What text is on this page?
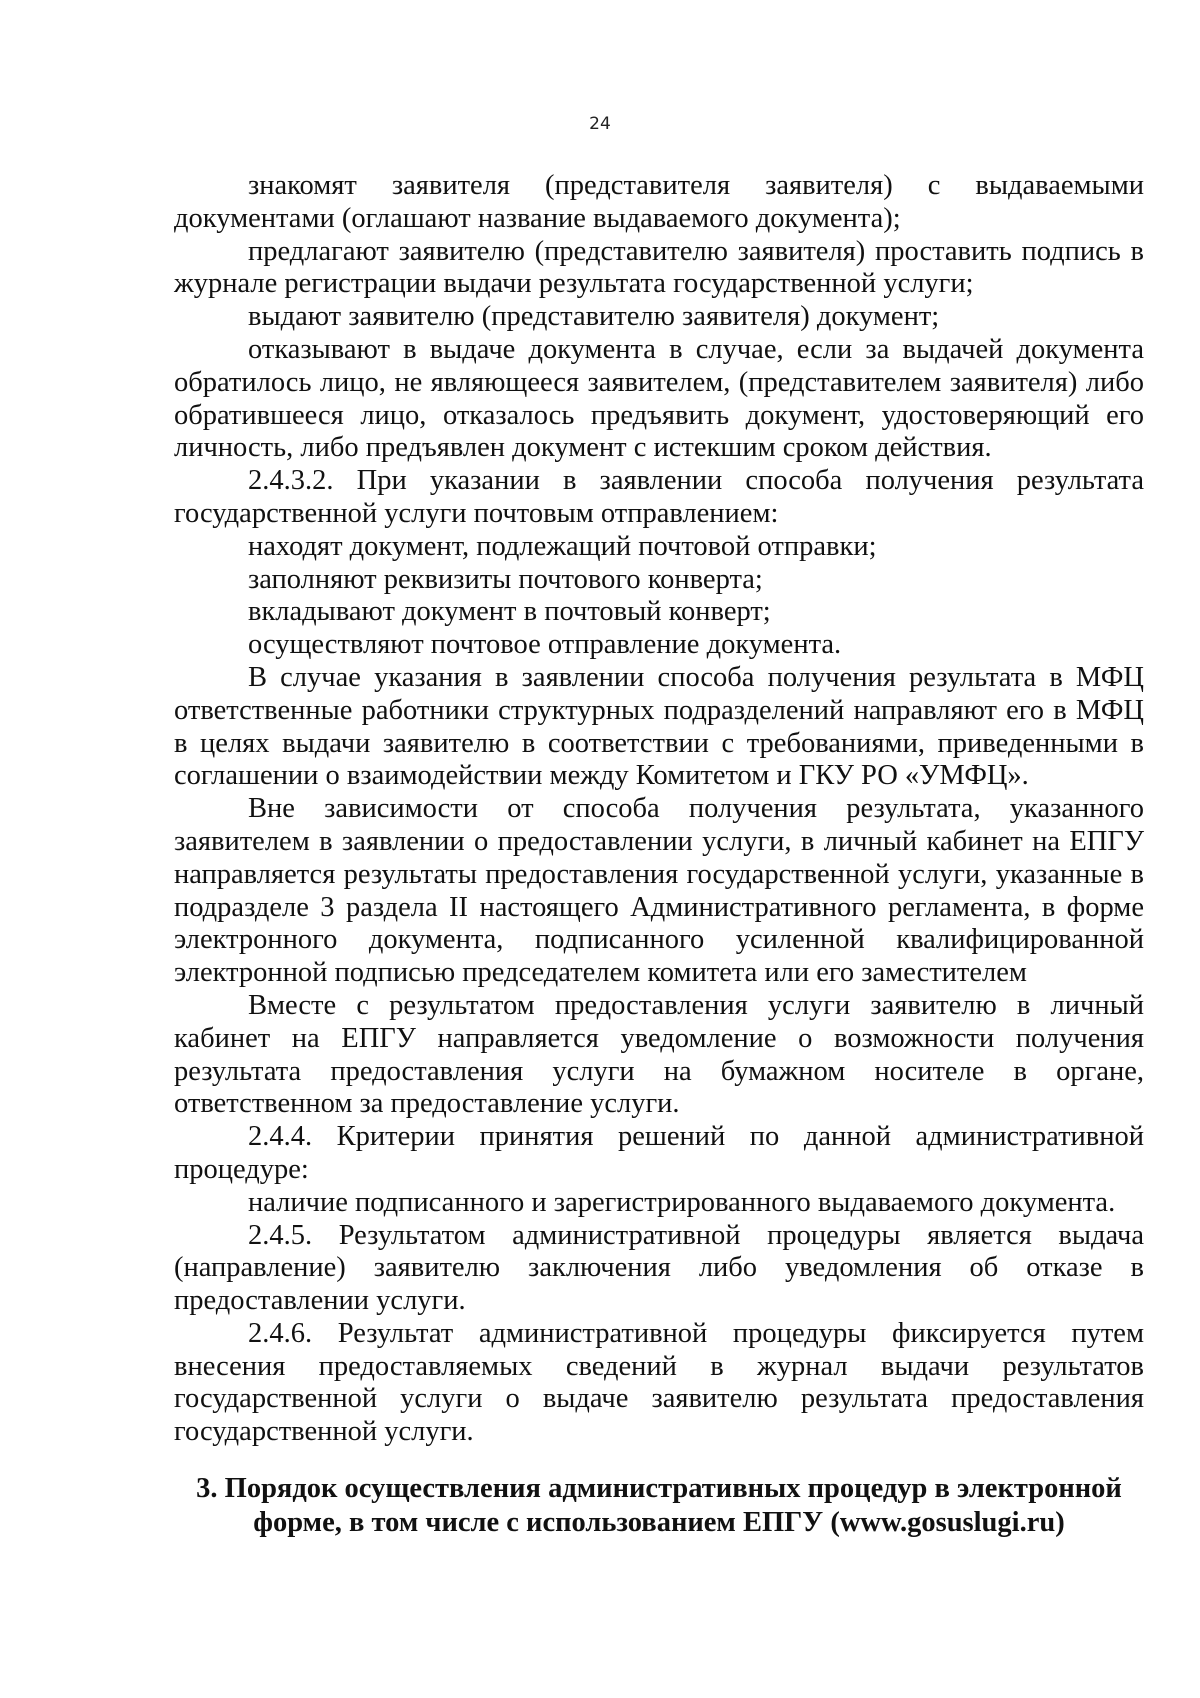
24

знакомят заявителя (представителя заявителя) с выдаваемыми документами (оглашают название выдаваемого документа);

предлагают заявителю (представителю заявителя) проставить подпись в журнале регистрации выдачи результата государственной услуги;

выдают заявителю (представителю заявителя) документ;

отказывают в выдаче документа в случае, если за выдачей документа обратилось лицо, не являющееся заявителем, (представителем заявителя) либо обратившееся лицо, отказалось предъявить документ, удостоверяющий его личность, либо предъявлен документ с истекшим сроком действия.

2.4.3.2. При указании в заявлении способа получения результата государственной услуги почтовым отправлением:

находят документ, подлежащий почтовой отправки;

заполняют реквизиты почтового конверта;

вкладывают документ в почтовый конверт;

осуществляют почтовое отправление документа.

В случае указания в заявлении способа получения результата в МФЦ ответственные работники структурных подразделений направляют его в МФЦ в целях выдачи заявителю в соответствии с требованиями, приведенными в соглашении о взаимодействии между Комитетом и ГКУ РО «УМФЦ».

Вне зависимости от способа получения результата, указанного заявителем в заявлении о предоставлении услуги, в личный кабинет на ЕПГУ направляется результаты предоставления государственной услуги, указанные в подразделе 3 раздела II настоящего Административного регламента, в форме электронного документа, подписанного усиленной квалифицированной электронной подписью председателем комитета или его заместителем

Вместе с результатом предоставления услуги заявителю в личный кабинет на ЕПГУ направляется уведомление о возможности получения результата предоставления услуги на бумажном носителе в органе, ответственном за предоставление услуги.

2.4.4. Критерии принятия решений по данной административной процедуре:

наличие подписанного и зарегистрированного выдаваемого документа.

2.4.5. Результатом административной процедуры является выдача (направление) заявителю заключения либо уведомления об отказе в предоставлении услуги.

2.4.6. Результат административной процедуры фиксируется путем внесения предоставляемых сведений в журнал выдачи результатов государственной услуги о выдаче заявителю результата предоставления государственной услуги.

3. Порядок осуществления административных процедур в электронной форме, в том числе с использованием ЕПГУ (www.gosuslugi.ru)
